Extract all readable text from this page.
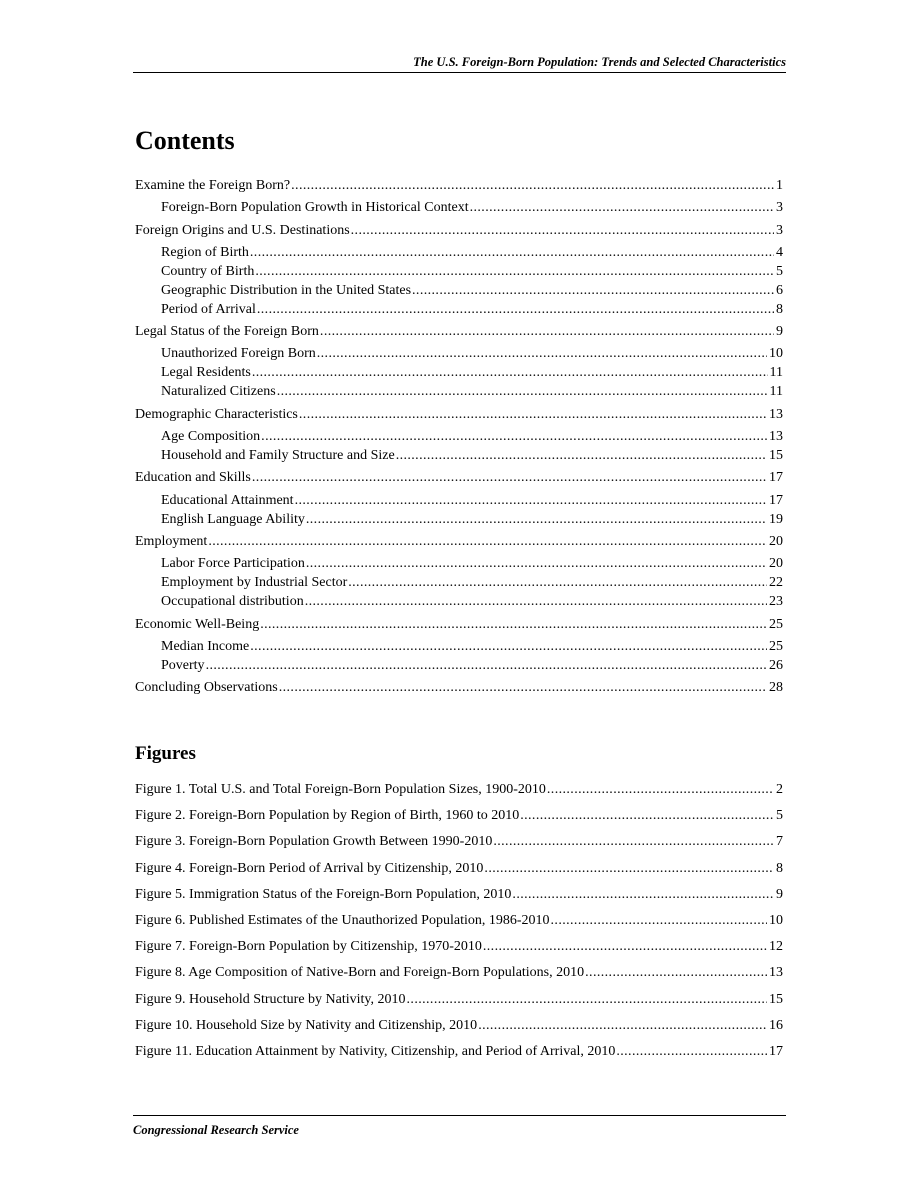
The U.S. Foreign-Born Population: Trends and Selected Characteristics
Contents
Examine the Foreign Born? .....	1
Foreign-Born Population Growth in Historical Context .....	3
Foreign Origins and U.S. Destinations .....	3
Region of Birth .....	4
Country of Birth .....	5
Geographic Distribution in the United States .....	6
Period of Arrival .....	8
Legal Status of the Foreign Born .....	9
Unauthorized Foreign Born .....	10
Legal Residents .....	11
Naturalized Citizens .....	11
Demographic Characteristics .....	13
Age Composition .....	13
Household and Family Structure and Size .....	15
Education and Skills .....	17
Educational Attainment .....	17
English Language Ability .....	19
Employment .....	20
Labor Force Participation .....	20
Employment by Industrial Sector .....	22
Occupational distribution .....	23
Economic Well-Being .....	25
Median Income .....	25
Poverty .....	26
Concluding Observations .....	28
Figures
Figure 1. Total U.S. and Total Foreign-Born Population Sizes, 1900-2010 .....	2
Figure 2. Foreign-Born Population by Region of Birth, 1960 to 2010 .....	5
Figure 3. Foreign-Born Population Growth Between 1990-2010 .....	7
Figure 4. Foreign-Born Period of Arrival by Citizenship, 2010 .....	8
Figure 5. Immigration Status of the Foreign-Born Population, 2010 .....	9
Figure 6. Published Estimates of the Unauthorized Population, 1986-2010 .....	10
Figure 7. Foreign-Born Population by Citizenship, 1970-2010 .....	12
Figure 8. Age Composition of Native-Born and Foreign-Born Populations, 2010 .....	13
Figure 9. Household Structure by Nativity, 2010 .....	15
Figure 10. Household Size by Nativity and Citizenship, 2010 .....	16
Figure 11. Education Attainment by Nativity, Citizenship, and Period of Arrival, 2010 .....	17
Congressional Research Service
